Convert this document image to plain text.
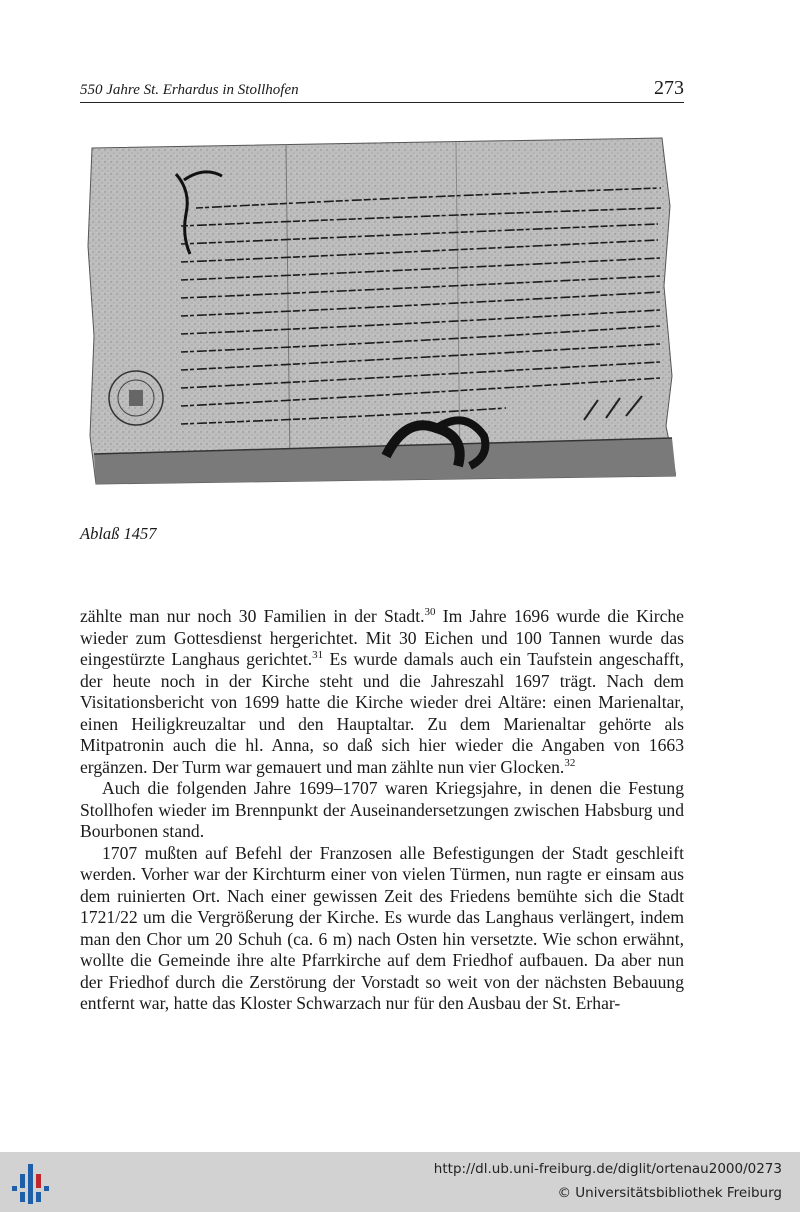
550 Jahre St. Erhardus in Stollhofen	273
Ablaß 1457

zählte man nur noch 30 Familien in der Stadt.$^{30}$ Im Jahre 1696 wurde die Kirche wieder zum Gottesdienst hergerichtet. Mit 30 Eichen und 100 Tannen wurde das eingestürzte Langhaus gerichtet.$^{31}$ Es wurde damals auch ein Taufstein angeschafft, der heute noch in der Kirche steht und die Jahreszahl 1697 trägt. Nach dem Visitationsbericht von 1699 hatte die Kirche wieder drei Altäre: einen Marienaltar, einen Heiligkreuzaltar und den Hauptaltar. Zu dem Marienaltar gehörte als Mitpatronin auch die hl. Anna, so daß sich hier wieder die Angaben von 1663 ergänzen. Der Turm war gemauert und man zählte nun vier Glocken.$^{32}$

Auch die folgenden Jahre 1699–1707 waren Kriegsjahre, in denen die Festung Stollhofen wieder im Brennpunkt der Auseinandersetzungen zwischen Habsburg und Bourbonen stand.

1707 mußten auf Befehl der Franzosen alle Befestigungen der Stadt geschleift werden. Vorher war der Kirchturm einer von vielen Türmen, nun ragte er einsam aus dem ruinierten Ort. Nach einer gewissen Zeit des Friedens bemühte sich die Stadt 1721/22 um die Vergrößerung der Kirche. Es wurde das Langhaus verlängert, indem man den Chor um 20 Schuh (ca. 6 m) nach Osten hin versetzte. Wie schon erwähnt, wollte die Gemeinde ihre alte Pfarrkirche auf dem Friedhof aufbauen. Da aber nun der Friedhof durch die Zerstörung der Vorstadt so weit von der nächsten Bebauung entfernt war, hatte das Kloster Schwarzach nur für den Ausbau der St. Erhar-

http://dl.ub.uni-freiburg.de/diglit/ortenau2000/0273
© Universitätsbibliothek Freiburg
